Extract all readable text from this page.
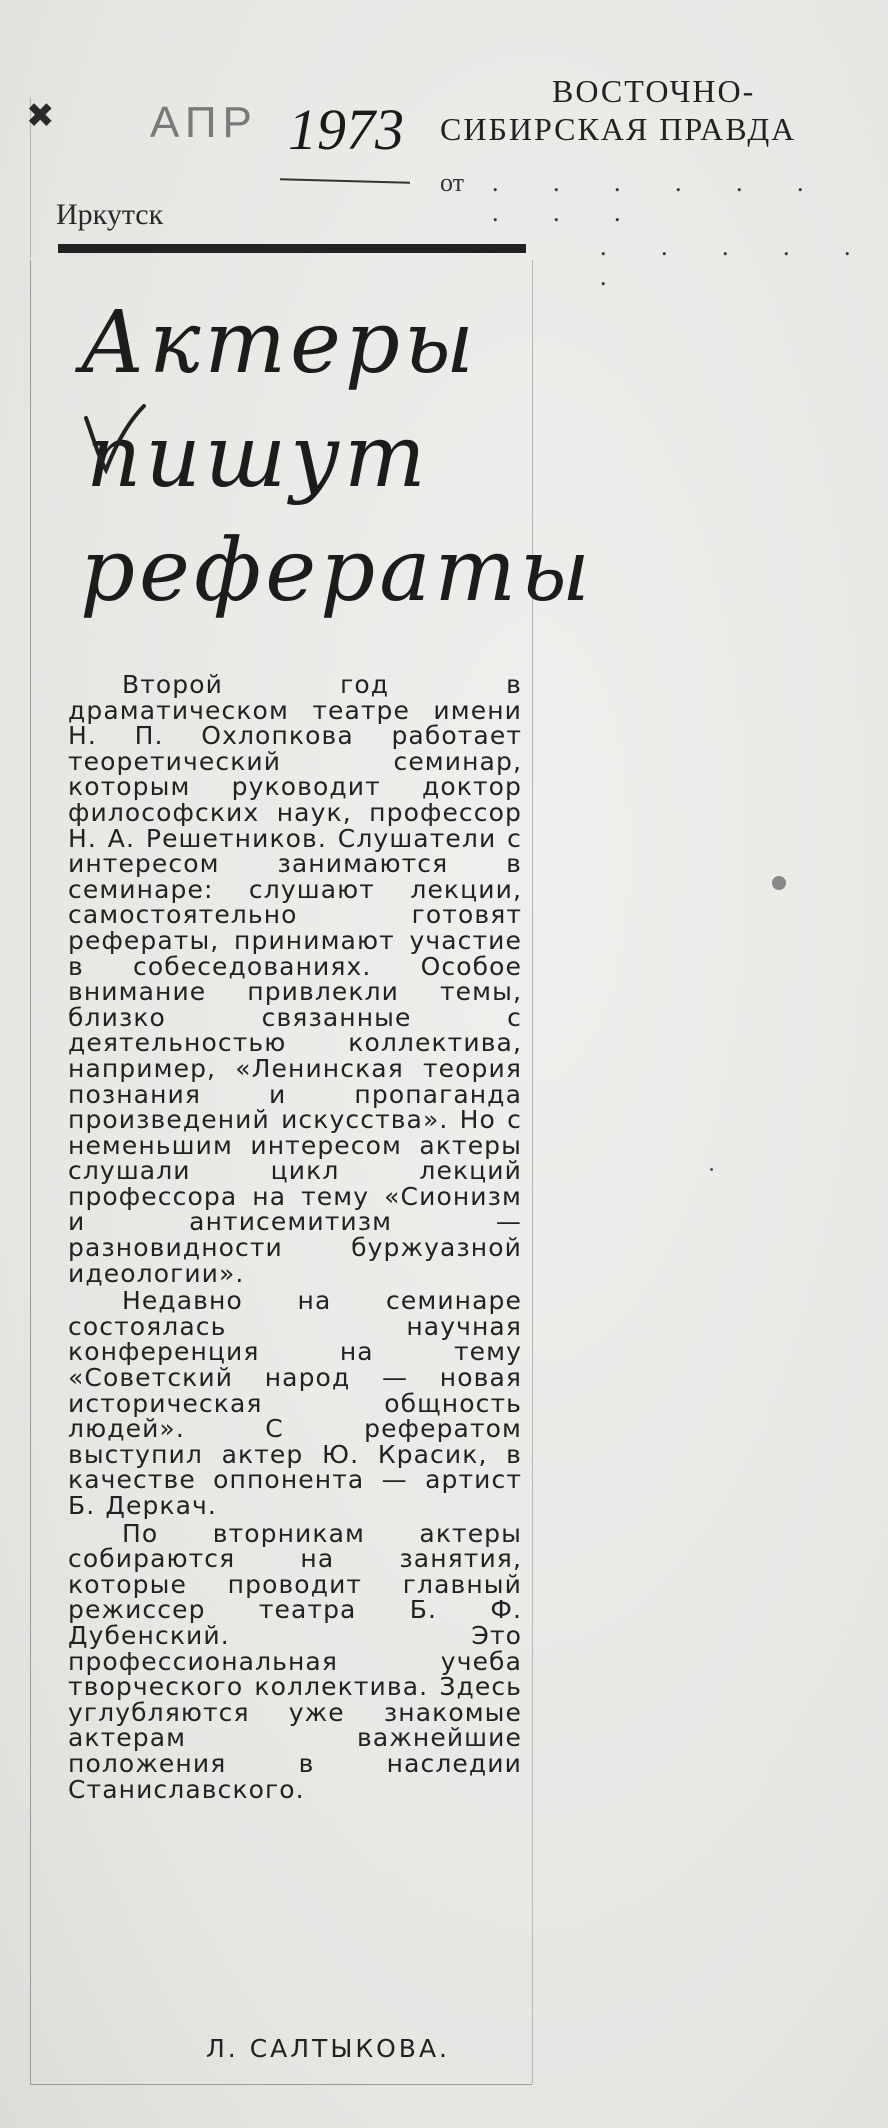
✖ АПР 1973
ВОСТОЧНО-
СИБИРСКАЯ ПРАВДА
от . . . . . . . . .
. . . . . .
Иркутск
Актеры
пишут
рефераты

Второй год в драматическом театре имени Н. П. Охлопкова работает теоретический семинар, которым руководит доктор философских наук, профессор Н. А. Решетников. Слушатели с интересом занимаются в семинаре: слушают лекции, самостоятельно готовят рефераты, принимают участие в собеседованиях. Особое внимание привлекли темы, близко связанные с деятельностью коллектива, например, «Ленинская теория познания и пропаганда произведений искусства». Но с неменьшим интересом актеры слушали цикл лекций профессора на тему «Сионизм и антисемитизм — разновидности буржуазной идеологии».

Недавно на семинаре состоялась научная конференция на тему «Советский народ — новая историческая общность людей». С рефератом выступил актер Ю. Красик, в качестве оппонента — артист Б. Деркач.

По вторникам актеры собираются на занятия, которые проводит главный режиссер театра Б. Ф. Дубенский. Это профессиональная учеба творческого коллектива. Здесь углубляются уже знакомые актерам важнейшие положения в наследии Станиславского.

Л. САЛТЫКОВА.
